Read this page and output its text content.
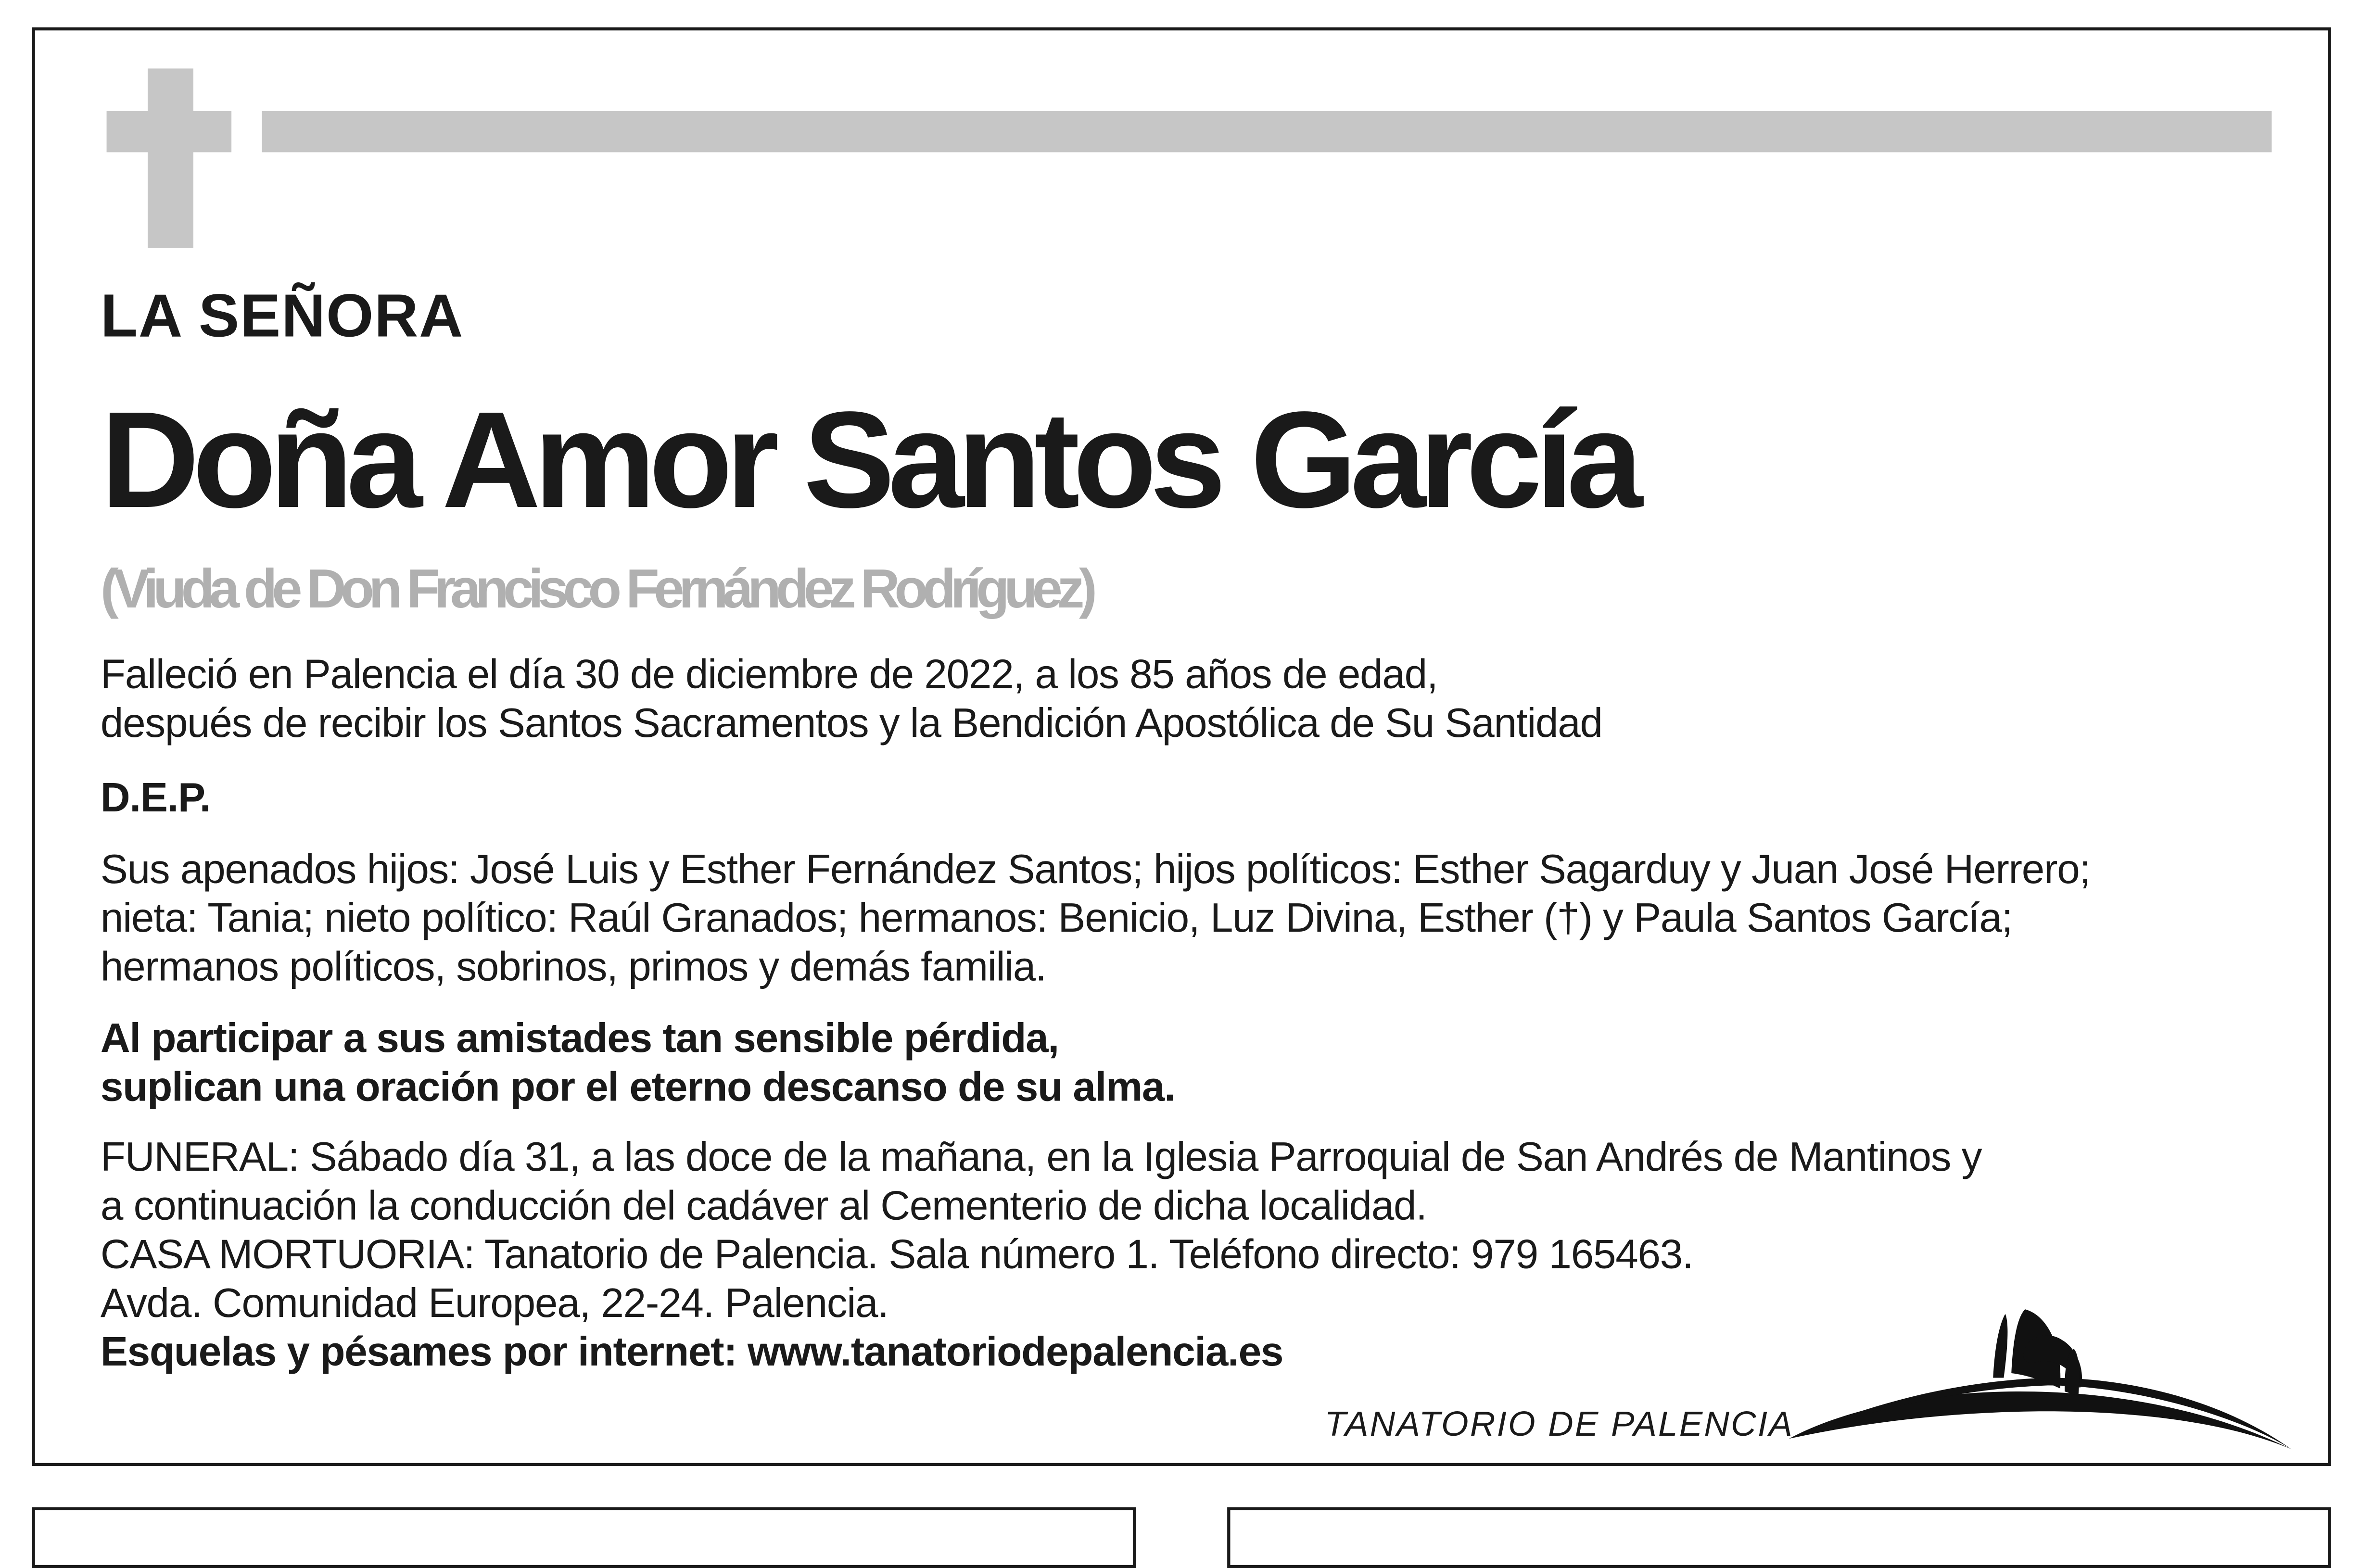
LA SEÑORA
Doña Amor Santos García
(Viuda de Don Francisco Fernández Rodríguez)
Falleció en Palencia el día 30 de diciembre de 2022, a los 85 años de edad,
después de recibir los Santos Sacramentos y la Bendición Apostólica de Su Santidad
D.E.P.
Sus apenados hijos: José Luis y Esther Fernández Santos; hijos políticos: Esther Sagarduy y Juan José Herrero;
nieta: Tania; nieto político: Raúl Granados; hermanos: Benicio, Luz Divina, Esther (†) y Paula Santos García;
hermanos políticos, sobrinos, primos y demás familia.
Al participar a sus amistades tan sensible pérdida,
suplican una oración por el eterno descanso de su alma.
FUNERAL: Sábado día 31, a las doce de la mañana, en la Iglesia Parroquial de San Andrés de Mantinos y
a continuación la conducción del cadáver al Cementerio de dicha localidad.
CASA MORTUORIA: Tanatorio de Palencia. Sala número 1. Teléfono directo: 979 165463.
Avda. Comunidad Europea, 22-24. Palencia.
Esquelas y pésames por internet: www.tanatoriodepalencia.es
TANATORIO DE PALENCIA
